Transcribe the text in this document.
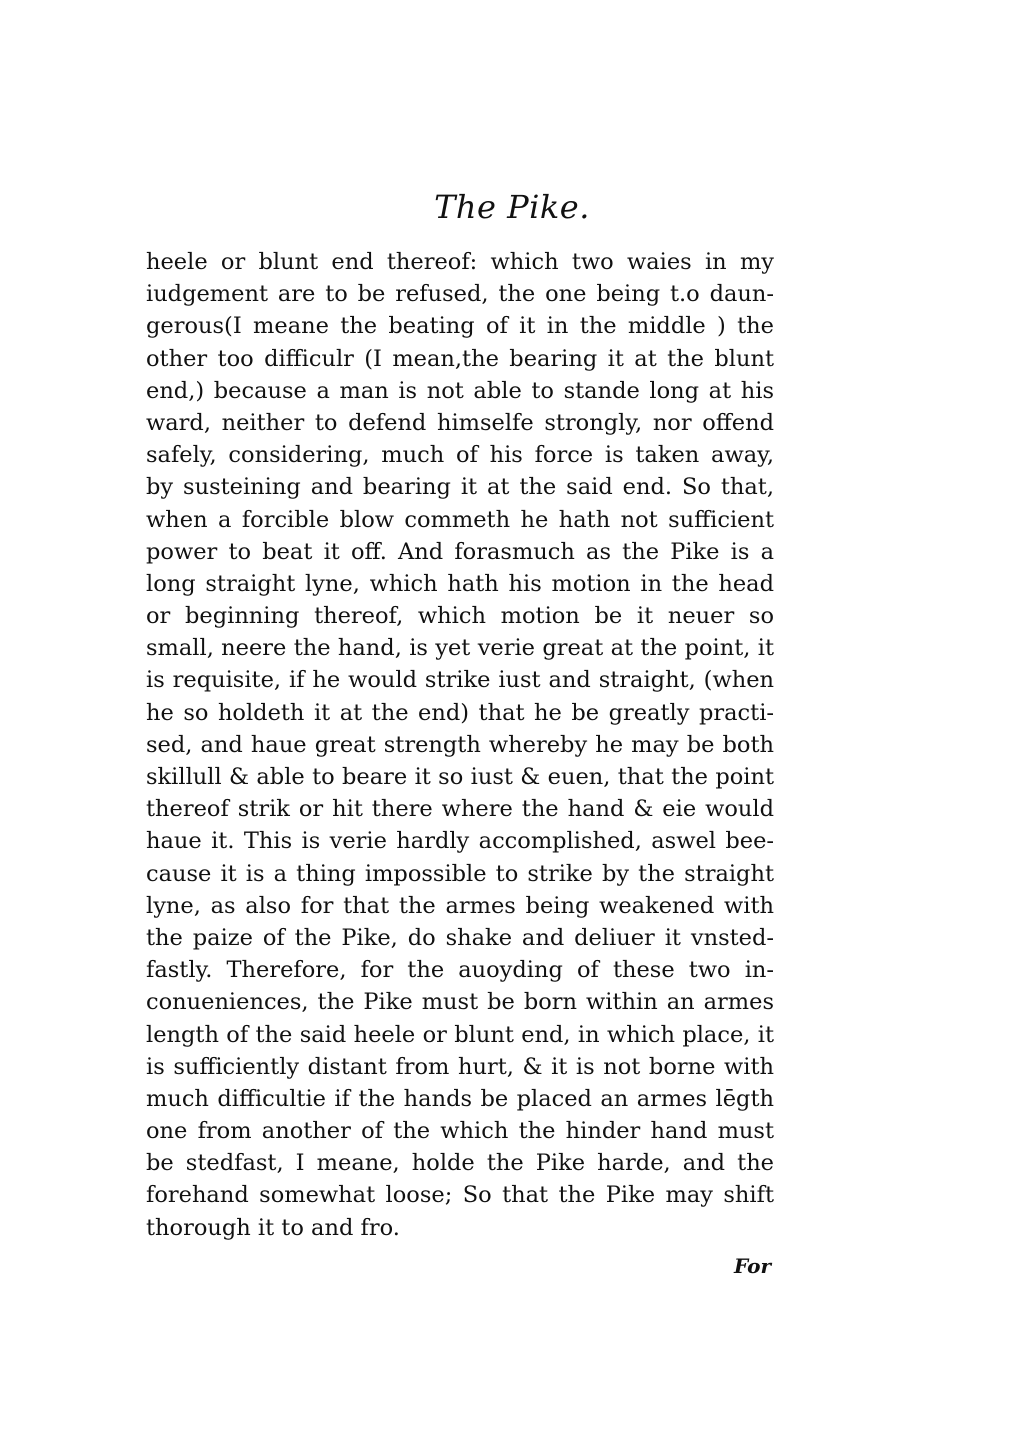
The Pike.
heele or blunt end thereof: which two waies in my
iudgement are to be refused, the one being t.o daun-
gerous(I meane the beating of it in the middle ) the
other too difficulr (I mean,the bearing it at the blunt
end,) because a man is not able to stande long at his
ward, neither to defend himselfe strongly, nor offend
safely, considering, much of his force is taken away,
by susteining and bearing it at the said end. So that,
when a forcible blow commeth he hath not sufficient
power to beat it off. And forasmuch as the Pike is a
long straight lyne, which hath his motion in the head
or beginning thereof, which motion be it neuer so
small, neere the hand, is yet verie great at the point, it
is requisite, if he would strike iust and straight, (when
he so holdeth it at the end) that he be greatly practi-
sed, and haue great strength whereby he may be both
skillull & able to beare it so iust & euen, that the point
thereof strik or hit there where the hand & eie would
haue it. This is verie hardly accomplished, aswel bee-
cause it is a thing impossible to strike by the straight
lyne, as also for that the armes being weakened with
the paize of the Pike, do shake and deliuer it vnsted-
fastly. Therefore, for the auoyding of these two in-
conueniences, the Pike must be born within an armes
length of the said heele or blunt end, in which place, it
is sufficiently distant from hurt, & it is not borne with
much difficultie if the hands be placed an armes lēgth
one from another of the which the hinder hand must
be stedfast, I meane, holde the Pike harde, and the
forehand somewhat loose; So that the Pike may shift
thorough it to and fro.
For
